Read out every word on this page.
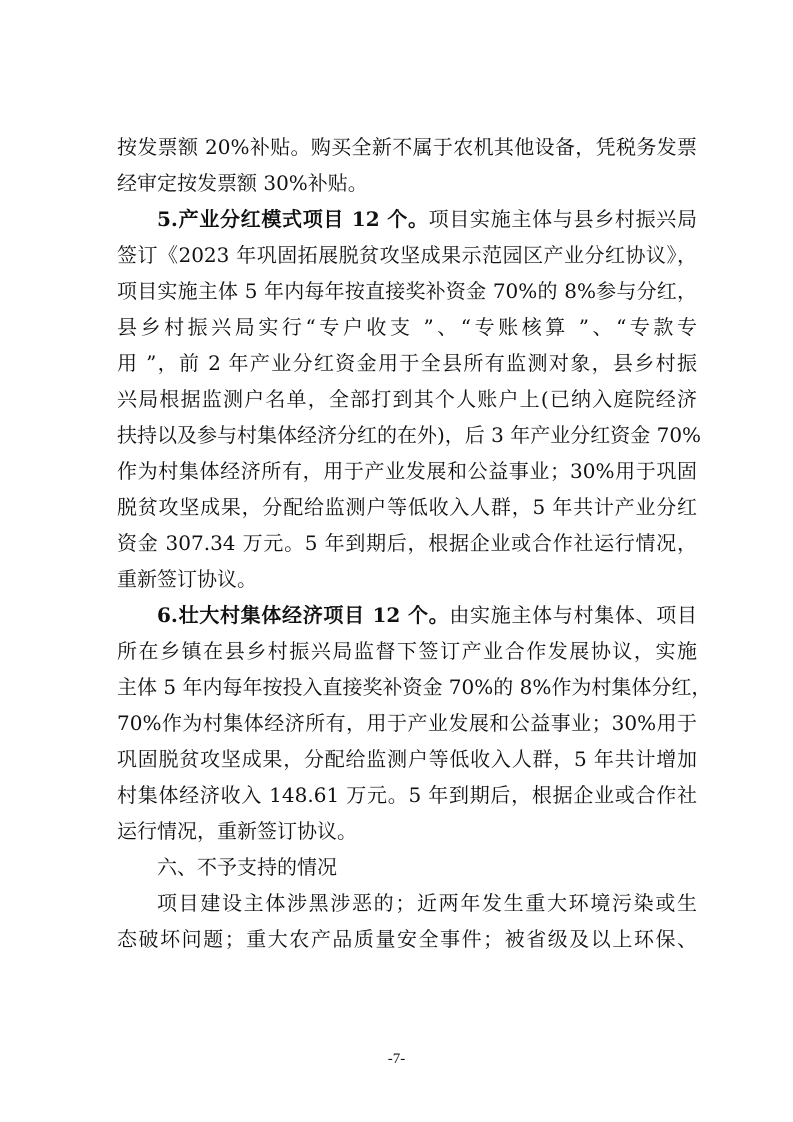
按发票额 20%补贴。购买全新不属于农机其他设备，凭税务发票
经审定按发票额 30%补贴。
5.产业分红模式项目 12 个。项目实施主体与县乡村振兴局
签订《2023 年巩固拓展脱贫攻坚成果示范园区产业分红协议》，
项目实施主体 5 年内每年按直接奖补资金 70%的 8%参与分红，
县乡村振兴局实行“专户收支 ”、“专账核算 ”、“专款专
用 ”，前 2 年产业分红资金用于全县所有监测对象，县乡村振
兴局根据监测户名单，全部打到其个人账户上(已纳入庭院经济
扶持以及参与村集体经济分红的在外)，后 3 年产业分红资金 70%
作为村集体经济所有，用于产业发展和公益事业；30%用于巩固
脱贫攻坚成果，分配给监测户等低收入人群，5 年共计产业分红
资金 307.34 万元。5 年到期后，根据企业或合作社运行情况，
重新签订协议。
6.壮大村集体经济项目 12 个。由实施主体与村集体、项目
所在乡镇在县乡村振兴局监督下签订产业合作发展协议，实施
主体 5 年内每年按投入直接奖补资金 70%的 8%作为村集体分红，
70%作为村集体经济所有，用于产业发展和公益事业；30%用于
巩固脱贫攻坚成果，分配给监测户等低收入人群，5 年共计增加
村集体经济收入 148.61 万元。5 年到期后，根据企业或合作社
运行情况，重新签订协议。
六、不予支持的情况
项目建设主体涉黑涉恶的；近两年发生重大环境污染或生
态破坏问题；重大农产品质量安全事件；被省级及以上环保、
-7-
